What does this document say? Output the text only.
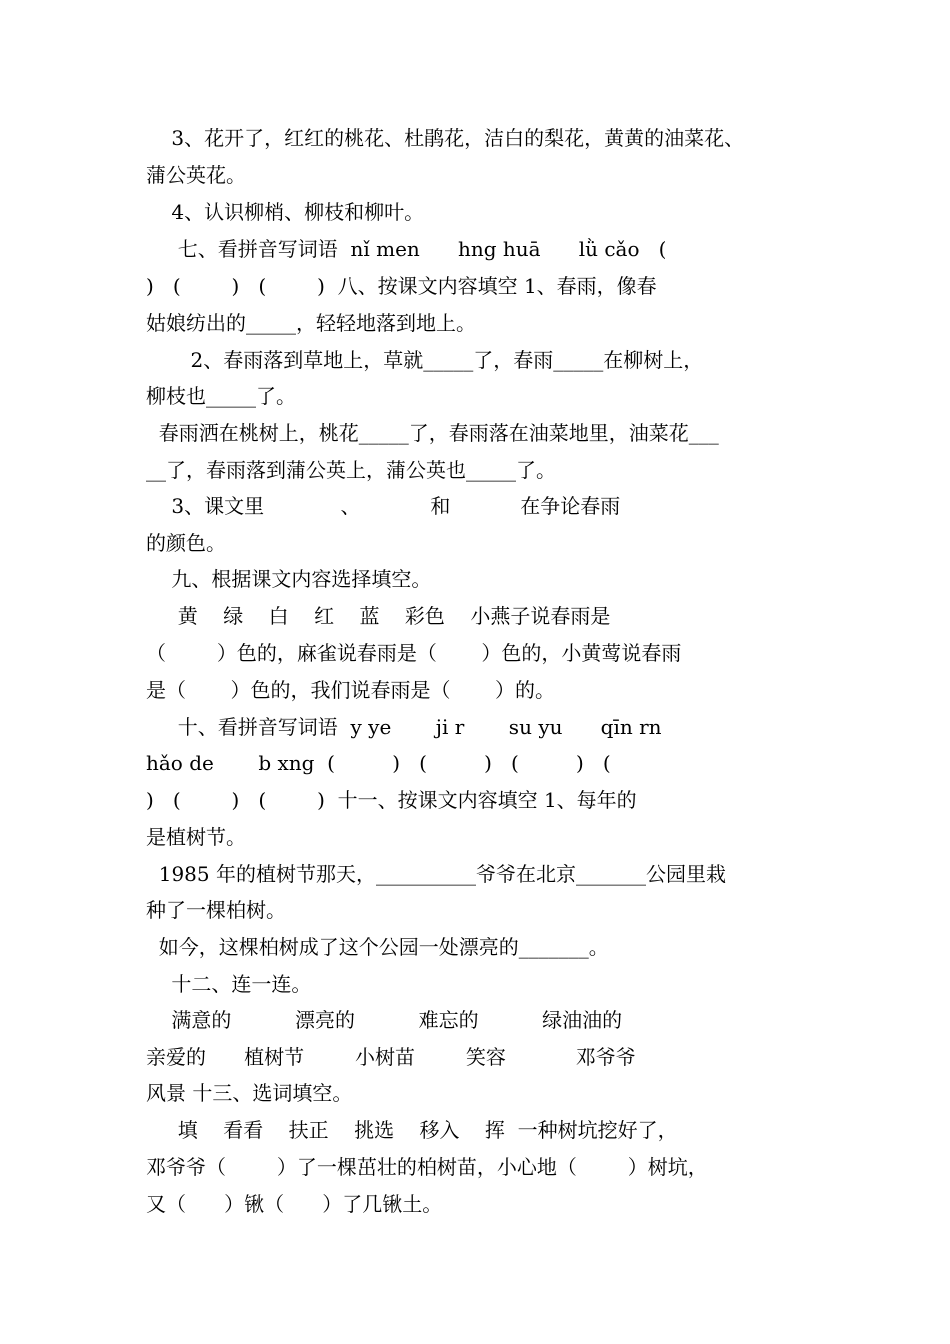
3、花开了，红红的桃花、杜鹃花，洁白的梨花，黄黄的油菜花、
蒲公英花。
4、认识柳梢、柳枝和柳叶。
七、看拼音写词语  nǐ men      hng huā      lǜ cǎo   (
)   (        )   (        )  八、按课文内容填空 1、春雨，像春
姑娘纺出的_____，轻轻地落到地上。
2、春雨落到草地上，草就_____了，春雨_____在柳树上，
柳枝也_____了。
春雨洒在桃树上，桃花_____了，春雨落在油菜地里，油菜花___
__了，春雨落到蒲公英上，蒲公英也_____了。
3、课文里            、           和           在争论春雨
的颜色。
九、根据课文内容选择填空。
黄    绿    白    红    蓝    彩色    小燕子说春雨是
（        ）色的，麻雀说春雨是（       ）色的，小黄莺说春雨
是（       ）色的，我们说春雨是（       ）的。
十、看拼音写词语  y ye       ji r       su yu      qīn rn
hǎo de       b xng  (         )   (         )   (         )   (
)   (        )   (        )  十一、按课文内容填空 1、每年的
是植树节。
1985 年的植树节那天，__________爷爷在北京_______公园里栽
种了一棵柏树。
如今，这棵柏树成了这个公园一处漂亮的_______。
十二、连一连。
满意的          漂亮的          难忘的          绿油油的
亲爱的      植树节        小树苗        笑容           邓爷爷
风景 十三、选词填空。
填    看看    扶正    挑选    移入    挥  一种树坑挖好了，
邓爷爷（        ）了一棵茁壮的柏树苗，小心地（        ）树坑，
又（      ）锹（      ）了几锹土。
